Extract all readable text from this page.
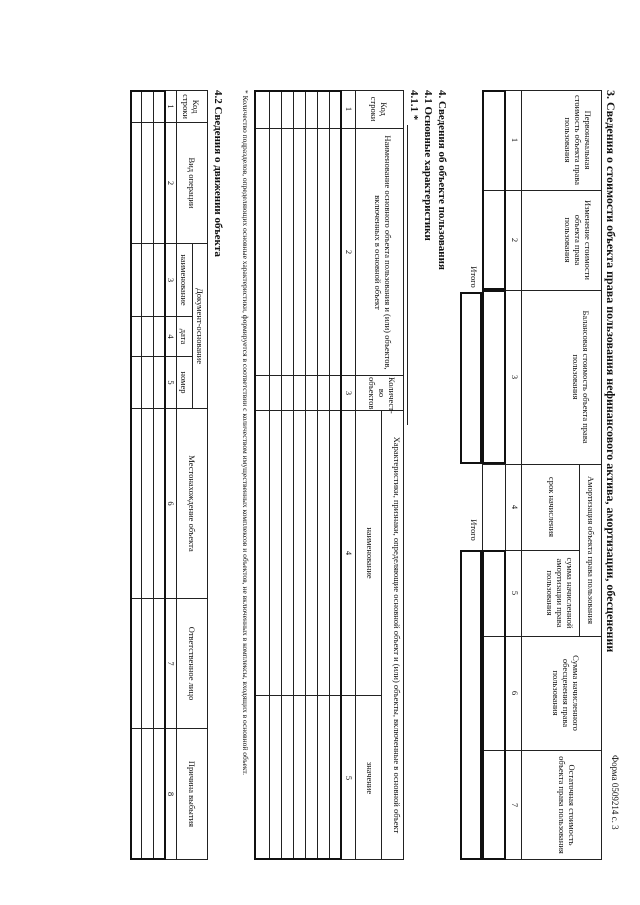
Форма 0509214 с. 3
3. Сведения о стоимости объекта права пользования нефинансового актива, амортизации, обесценении
Первоначальная стоимость объекта права пользования
Изменение стоимости объекта права пользования
Балансовая стоимость объекта права пользования
Амортизация объекта права пользования
срок начисления
сумма начисленной амортизации права пользования
Сумма начисленного обесценения права пользования
Остаточная стоимость объекта права пользования
1
2
3
4
5
6
7
Итого
Итого
4. Сведения об объекте пользования
4.1 Основные характеристики
4.1.1 *
Код строки
Наименование основного объекта пользования и (или) объектов, включенных в основной объект
Количест-во объектов
Характеристики, признаки, определяющие основной объект и (или) объекты, включенные в основной объект
наименование
значение
1
2
3
4
5
* Количество подразделов, определяющих основные характеристики, формируется в соответствии с количеством имущественных комплексов и объектов, не включенных в комплексы, входящих в основной объект.
4.2 Сведения о движении объекта
Код строки
Вид операции
Документ-основание
наименование
дата
номер
Местонахождение объекта
Ответственное лицо
Причина выбытия
1
2
3
4
5
6
7
8
